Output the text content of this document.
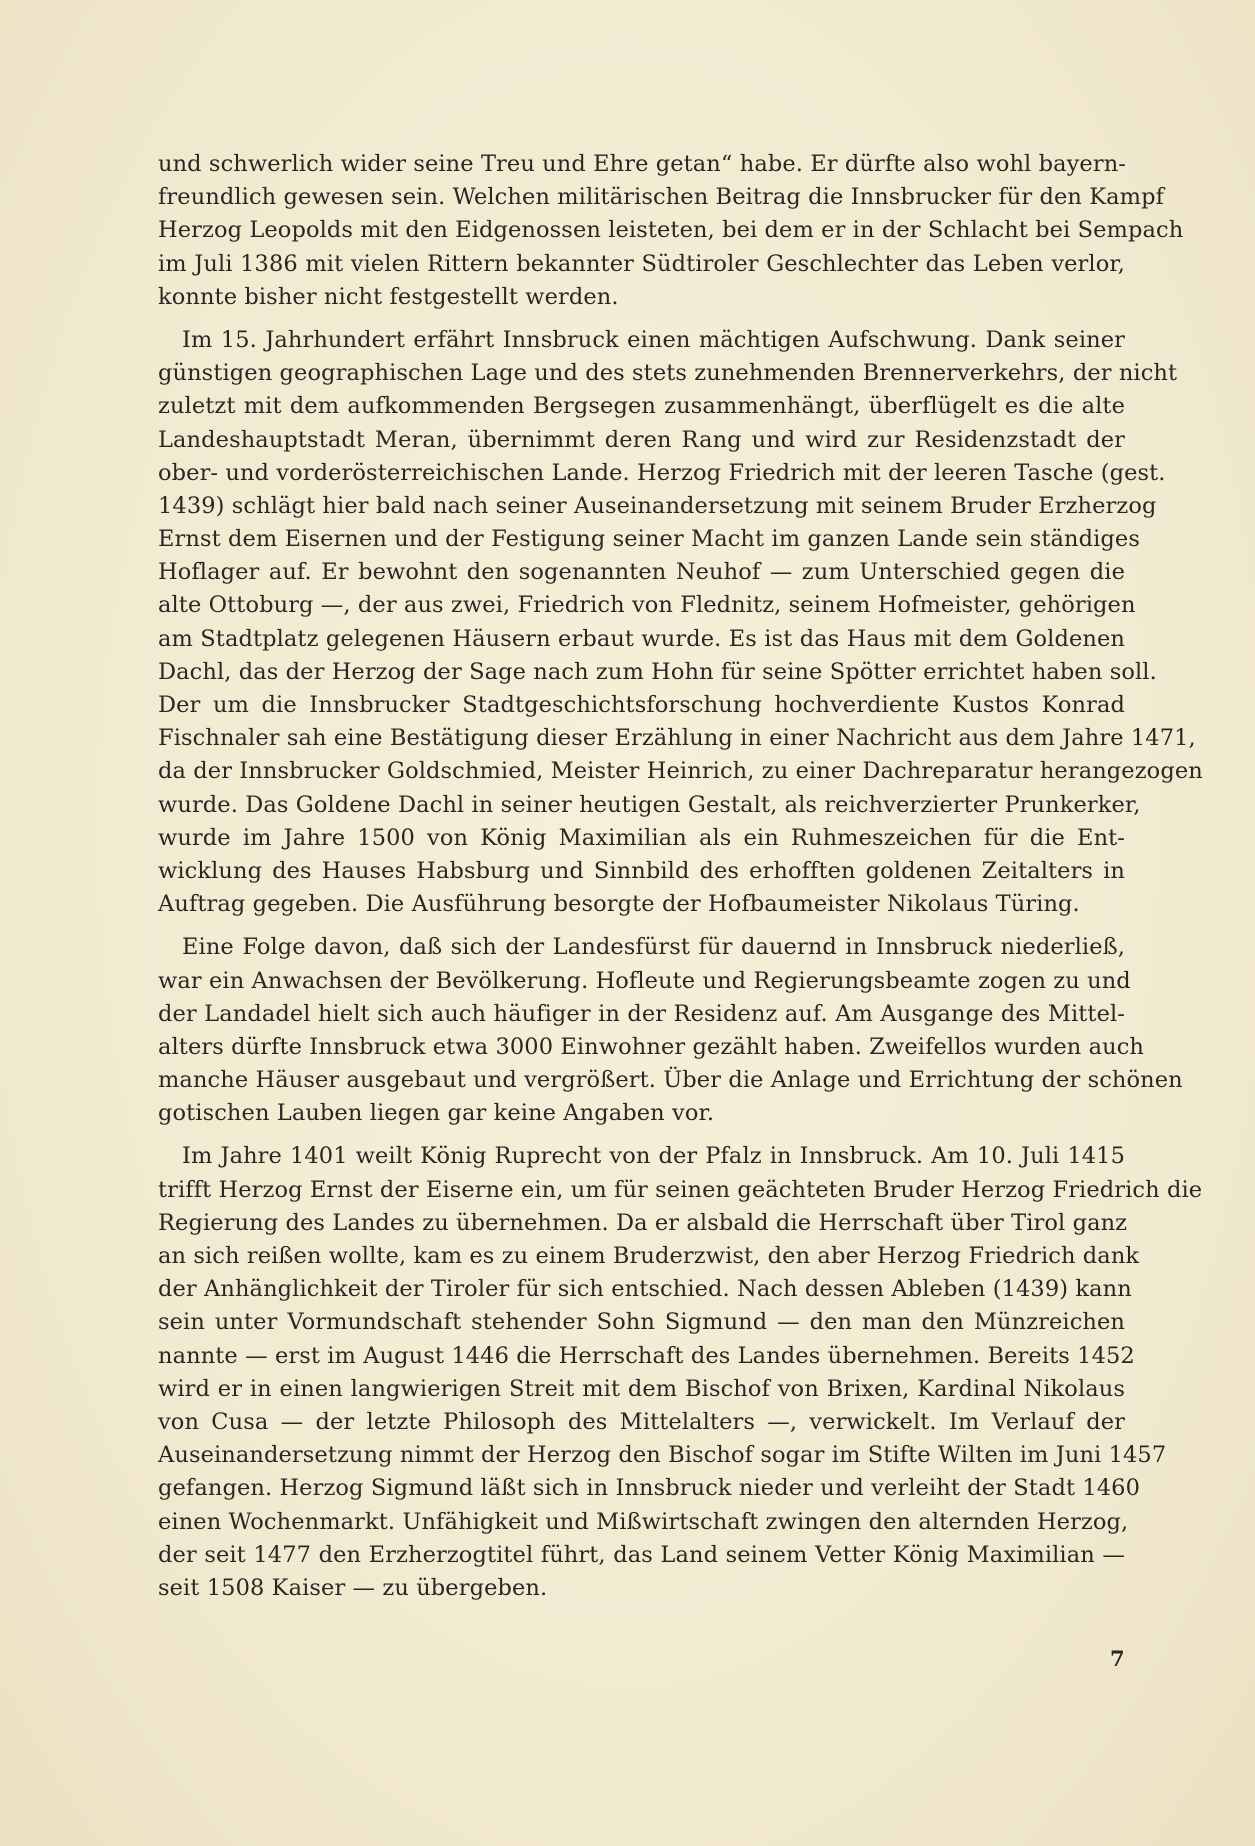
und schwerlich wider seine Treu und Ehre getan“ habe. Er dürfte also wohl bayern-
freundlich gewesen sein. Welchen militärischen Beitrag die Innsbrucker für den Kampf
Herzog Leopolds mit den Eidgenossen leisteten, bei dem er in der Schlacht bei Sempach
im Juli 1386 mit vielen Rittern bekannter Südtiroler Geschlechter das Leben verlor,
konnte bisher nicht festgestellt werden.
Im 15. Jahrhundert erfährt Innsbruck einen mächtigen Aufschwung. Dank seiner
günstigen geographischen Lage und des stets zunehmenden Brennerverkehrs, der nicht
zuletzt mit dem aufkommenden Bergsegen zusammenhängt, überflügelt es die alte
Landeshauptstadt Meran, übernimmt deren Rang und wird zur Residenzstadt der
ober- und vorderösterreichischen Lande. Herzog Friedrich mit der leeren Tasche (gest.
1439) schlägt hier bald nach seiner Auseinandersetzung mit seinem Bruder Erzherzog
Ernst dem Eisernen und der Festigung seiner Macht im ganzen Lande sein ständiges
Hoflager auf. Er bewohnt den sogenannten Neuhof — zum Unterschied gegen die
alte Ottoburg —, der aus zwei, Friedrich von Flednitz, seinem Hofmeister, gehörigen
am Stadtplatz gelegenen Häusern erbaut wurde. Es ist das Haus mit dem Goldenen
Dachl, das der Herzog der Sage nach zum Hohn für seine Spötter errichtet haben soll.
Der um die Innsbrucker Stadtgeschichtsforschung hochverdiente Kustos Konrad
Fischnaler sah eine Bestätigung dieser Erzählung in einer Nachricht aus dem Jahre 1471,
da der Innsbrucker Goldschmied, Meister Heinrich, zu einer Dachreparatur herangezogen
wurde. Das Goldene Dachl in seiner heutigen Gestalt, als reichverzierter Prunkerker,
wurde im Jahre 1500 von König Maximilian als ein Ruhmeszeichen für die Ent-
wicklung des Hauses Habsburg und Sinnbild des erhofften goldenen Zeitalters in
Auftrag gegeben. Die Ausführung besorgte der Hofbaumeister Nikolaus Türing.
Eine Folge davon, daß sich der Landesfürst für dauernd in Innsbruck niederließ,
war ein Anwachsen der Bevölkerung. Hofleute und Regierungsbeamte zogen zu und
der Landadel hielt sich auch häufiger in der Residenz auf. Am Ausgange des Mittel-
alters dürfte Innsbruck etwa 3000 Einwohner gezählt haben. Zweifellos wurden auch
manche Häuser ausgebaut und vergrößert. Über die Anlage und Errichtung der schönen
gotischen Lauben liegen gar keine Angaben vor.
Im Jahre 1401 weilt König Ruprecht von der Pfalz in Innsbruck. Am 10. Juli 1415
trifft Herzog Ernst der Eiserne ein, um für seinen geächteten Bruder Herzog Friedrich die
Regierung des Landes zu übernehmen. Da er alsbald die Herrschaft über Tirol ganz
an sich reißen wollte, kam es zu einem Bruderzwist, den aber Herzog Friedrich dank
der Anhänglichkeit der Tiroler für sich entschied. Nach dessen Ableben (1439) kann
sein unter Vormundschaft stehender Sohn Sigmund — den man den Münzreichen
nannte — erst im August 1446 die Herrschaft des Landes übernehmen. Bereits 1452
wird er in einen langwierigen Streit mit dem Bischof von Brixen, Kardinal Nikolaus
von Cusa — der letzte Philosoph des Mittelalters —, verwickelt. Im Verlauf der
Auseinandersetzung nimmt der Herzog den Bischof sogar im Stifte Wilten im Juni 1457
gefangen. Herzog Sigmund läßt sich in Innsbruck nieder und verleiht der Stadt 1460
einen Wochenmarkt. Unfähigkeit und Mißwirtschaft zwingen den alternden Herzog,
der seit 1477 den Erzherzogtitel führt, das Land seinem Vetter König Maximilian —
seit 1508 Kaiser — zu übergeben.
7
